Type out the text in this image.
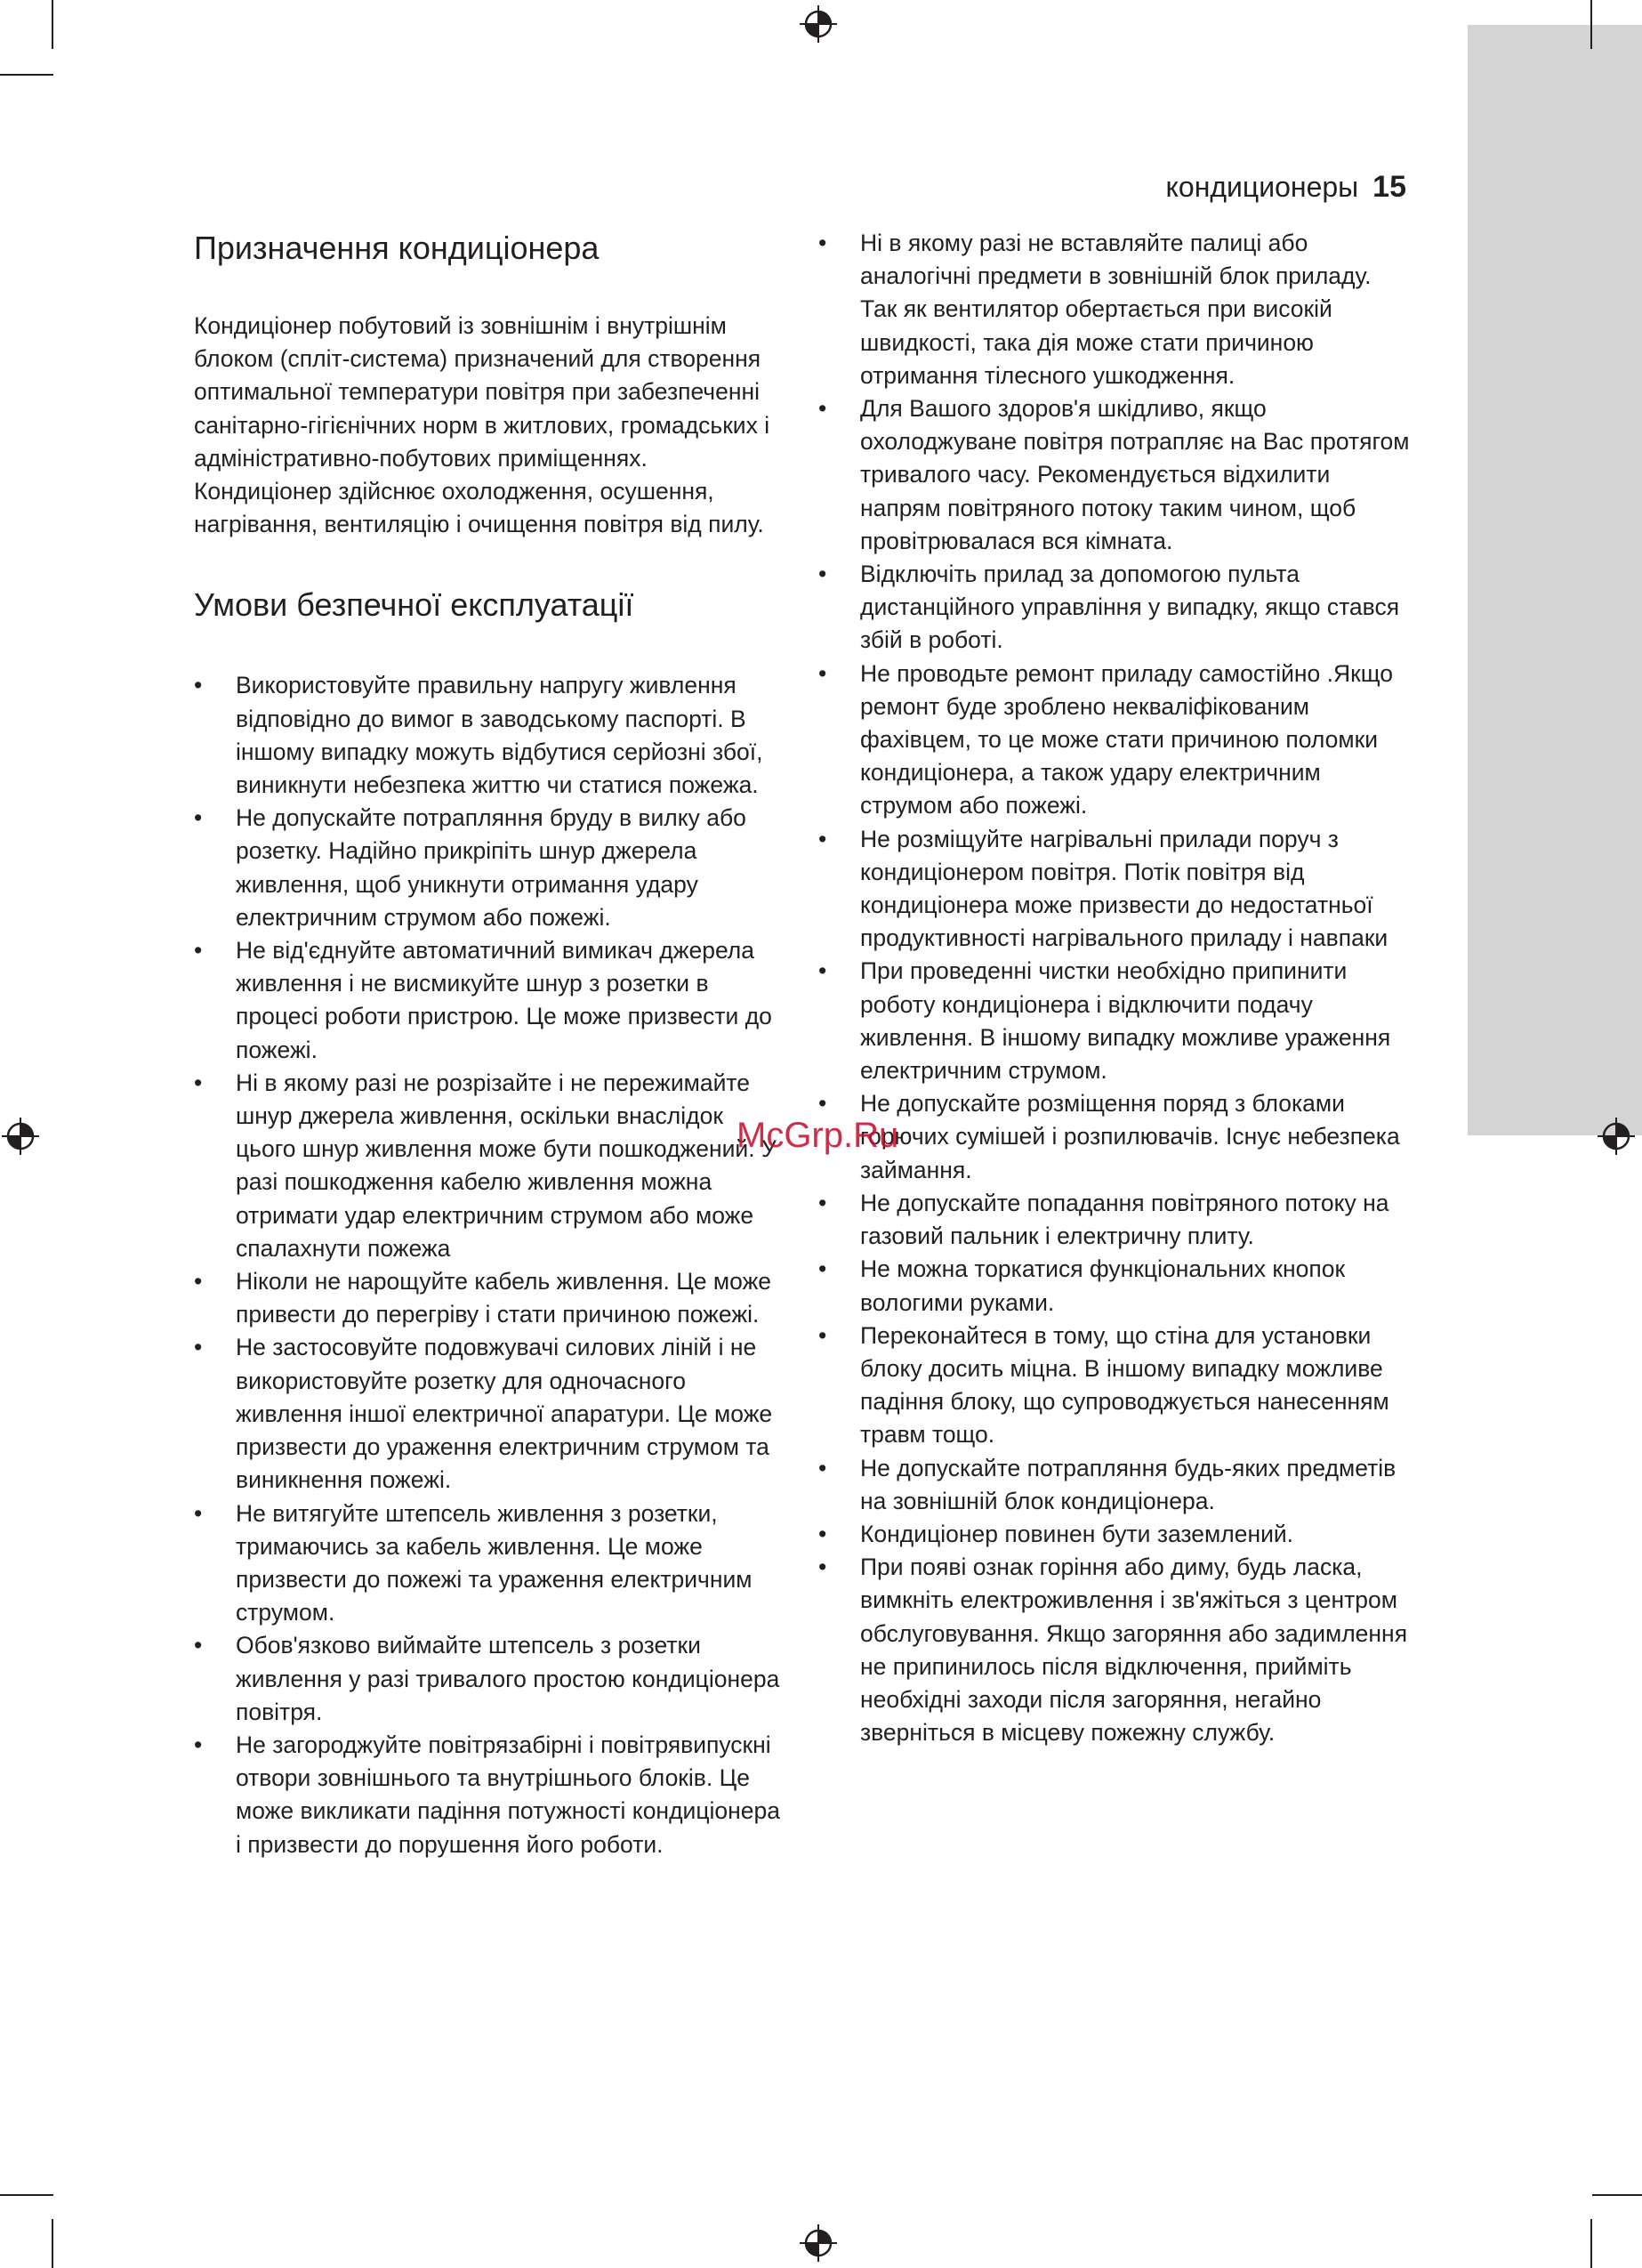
кондиционеры 15
Призначення кондиціонера

Кондиціонер побутовий із зовнішнім і внутрішнім блоком (спліт-система) призначений для створення оптимальної температури повітря при забезпеченні санітарно-гігієнічних норм в житлових, громадських і адміністративно-побутових приміщеннях. Кондиціонер здійснює охолодження, осушення, нагрівання, вентиляцію і очищення повітря від пилу.

Умови безпечної експлуатації
• Використовуйте правильну напругу живлення відповідно до вимог в заводському паспорті. В іншому випадку можуть відбутися серйозні збої, виникнути небезпека життю чи статися пожежа.
• Не допускайте потрапляння бруду в вилку або розетку. Надійно прикріпіть шнур джерела живлення, щоб уникнути отримання удару електричним струмом або пожежі.
• Не від'єднуйте автоматичний вимикач джерела живлення і не висмикуйте шнур з розетки в процесі роботи пристрою. Це може призвести до пожежі.
• Ні в якому разі не розрізайте і не пережимайте шнур джерела живлення, оскільки внаслідок цього шнур живлення може бути пошкоджений. У разі пошкодження кабелю живлення можна отримати удар електричним струмом або може спалахнути пожежа
• Ніколи не нарощуйте кабель живлення. Це може привести до перегріву і стати причиною пожежі.
• Не застосовуйте подовжувачі силових ліній і не використовуйте розетку для одночасного живлення іншої електричної апаратури. Це може призвести до ураження електричним струмом та виникнення пожежі.
• Не витягуйте штепсель живлення з розетки, тримаючись за кабель живлення. Це може призвести до пожежі та ураження електричним струмом.
• Обов'язково виймайте штепсель з розетки живлення у разі тривалого простою кондиціонера повітря.
• Не загороджуйте повітрязабірні і повітрявипускні отвори зовнішнього та внутрішнього блоків. Це може викликати падіння потужності кондиціонера і призвести до порушення його роботи.
• Ні в якому разі не вставляйте палиці або аналогічні предмети в зовнішній блок приладу. Так як вентилятор обертається при високій швидкості, така дія може стати причиною отримання тілесного ушкодження.
• Для Вашого здоров'я шкідливо, якщо охолоджуване повітря потрапляє на Вас протягом тривалого часу. Рекомендується відхилити напрям повітряного потоку таким чином, щоб провітрювалася вся кімната.
• Відключіть прилад за допомогою пульта дистанційного управління у випадку, якщо стався збій в роботі.
• Не проводьте ремонт приладу самостійно .Якщо ремонт буде зроблено некваліфікованим фахівцем, то це може стати причиною поломки кондиціонера, а також удару електричним струмом або пожежі.
• Не розміщуйте нагрівальні прилади поруч з кондиціонером повітря. Потік повітря від кондиціонера може призвести до недостатньої продуктивності нагрівального приладу і навпаки
• При проведенні чистки необхідно припинити роботу кондиціонера і відключити подачу живлення. В іншому випадку можливе ураження електричним струмом.
• Не допускайте розміщення поряд з блоками горючих сумішей і розпилювачів. Існує небезпека займання.
• Не допускайте попадання повітряного потоку на газовий пальник і електричну плиту.
• Не можна торкатися функціональних кнопок вологими руками.
• Переконайтеся в тому, що стіна для установки блоку досить міцна. В іншому випадку можливе падіння блоку, що супроводжується нанесенням травм тощо.
• Не допускайте потрапляння будь-яких предметів на зовнішній блок кондиціонера.
• Кондиціонер повинен бути заземлений.
• При появі ознак горіння або диму, будь ласка, вимкніть електроживлення і зв'яжіться з центром обслуговування. Якщо загоряння або задимлення не припинилось після відключення, прийміть необхідні заходи після загоряння, негайно зверніться в місцеву пожежну службу.
McGrp.Ru
